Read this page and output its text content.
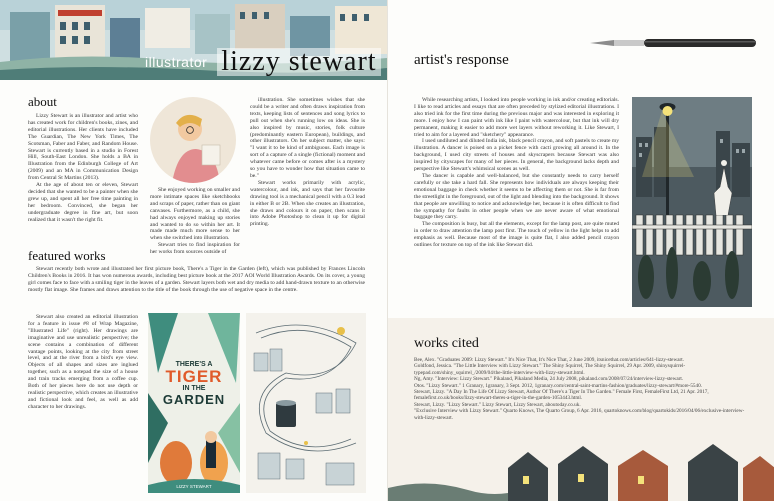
illustrator lizzy stewart
about

Lizzy Stewart is an illustrator and artist who has created work for children's books, zines, and editorial illustrations. Her clients have included The Guardian, The New York Times, The Scotsman, Faber and Faber, and Random House. Stewart is currently based in a studio in Forest Hill, South-East London. She holds a BA in Illustration from the Edinburgh College of Art (2009) and an MA in Communication Design from Central St Martins (2013).

At the age of about ten or eleven, Stewart decided that she wanted to be a painter when she grew up, and spent all her free time painting in her bedroom. Convinced, she began her undergraduate degree in fine art, but soon realized that it wasn't the right fit.

She enjoyed working on smaller and more intimate spaces like sketchbooks and scraps of paper, rather than on giant canvases. Furthermore, as a child, she had always enjoyed making up stories and wanted to do so within her art. It made made much more sense to her when she switched into illustration.

Stewart tries to find inspiration for her works from sources outside of

illustration. She sometimes wishes that she could be a writer and often draws inspiration from texts, keeping lists of sentences and song lyrics to pull out when she's running low on ideas. She is also inspired by music, stories, folk culture (predominantly eastern European), buildings, and other illustrators. On her subject matter, she says: "I want it to be kind of ambiguous. Each image is sort of a capture of a single (fictional) moment and whatever came before or comes after is a mystery so you have to wonder how that situation came to be."

Stewart works primarily with acrylic, watercolour, and ink, and says that her favourite drawing tool is a mechanical pencil with a 0.3 lead in either B or 2B. When she creates an illustration, she draws and colours it on paper, then scans it into Adobe Photoshop to clean it up for digital printing.

featured works

Stewart recently both wrote and illustrated her first picture book, There's a Tiger in the Garden (left), which was published by Frances Lincoln Children's Books in 2016. It has won numerous awards, including best picture book at the 2017 AOI World Illustration Awards. On its cover, a young girl comes face to face with a smiling tiger in the leaves of a garden. Stewart layers both wet and dry media to add hand-drawn texture to an otherwise mostly flat image. She frames and draws attention to the title of the book through the use of negative space in the centre.

Stewart also created an editorial illustration for a feature in issue #8 of Wrap Magazine, "Illustrated Life" (right). Her drawings are imaginative and use unrealistic perspective; the scene contains a combination of different vantage points, looking at the city from street level, and at the river from a bird's eye view. Objects of all shapes and sizes are inglued together, such as a notepad the size of a house and train tracks emerging from a coffee cup. Both of her pieces here do not use depth or realistic perspective, which creates an illustrative and fictional look and feel, as well as add character to her drawings.

THERE'S A
TIGER
IN THE
GARDEN
LIZZY STEWART
artist's response

While researching artists, I looked into people working in ink and/or creating editorials. I like to read articles and essays that are often preceded by stylized editorial illustrations. I also tried ink for the first time during the previous major and was interested in exploring it more. I enjoy how I can paint with ink like I paint with watercolour, but that ink will dry permanent, making it easier to add more wet layers without reworking it. Like Stewart, I tried to aim for a layered and "sketchery" appearance.

I used undiluted and diluted India ink, black pencil crayon, and soft pastels to create my illustration. A dancer is poised on a picket fence with cacti growing all around it. In the background, I used city streets of houses and skyscrapers because Stewart was also inspired by cityscapes for many of her pieces. In general, the background lacks depth and perspective like Stewart's whimsical scenes as well.

The dancer is capable and well-balanced, but she constantly needs to carry herself carefully or she take a hard fall. She represents how individuals are always keeping their emotional baggage in check whether it seems to be affecting them or not. She is far from the streetlight in the foreground, out of the light and blending into the background. It shows that people are unwilling to notice and acknowledge her, because it is often difficult to find the sympathy for faults in other people when we are never aware of what emotional baggage they carry.

The composition is busy, but all the elements, except for the lamp post, are quite muted in order to draw attention the lamp post first. The touch of yellow in the light helps to add emphasis as well. Because most of the image is quite flat, I also added pencil crayon outlines for texture on top of the ink like Stewart did.

works cited
Bee, Alex. "Graduates 2009: Lizzy Stewart." It's Nice That, It's Nice That, 2 June 2009, itsnicethat.com/articles/641-lizzy-stewart.
Goldfond, Jessica. "The Little Interview with Lizzy Stewart." The Shiny Squirrel, The Shiny Squirrel, 29 Apr. 2009, shinysquirrel-typepad.com/shiny_squirrel_/2009/04/the-little-interview-with-lizzy-stewart.html.
Ng, Amy. "Interview: Lizzy Stewart." Pikaland, Pikaland Media, 24 July 2008, pikaland.com/2008/07/24/interview-lizzy-stewart.
Otos. "Lizzy Stewart." 1 Granary, 1granary, 3 Sept. 2012, 1granary.com/central-saint-martins-fashion/graduates/lizzy-stewart/#more-5540.
Stewart, Lizzy. "A Day In The Life Of Lizzy Stewart, Author Of There's a Tiger In The Garden." Female First, FemaleFirst Ltd, 21 Apr. 2017, femalefirst.co.uk/books/lizzy-stewart-theres-a-tiger-in-the-garden-1053443.html.
Stewart, Lizzy. "Lizzy Stewart." Lizzy Stewart, Lizzy Stewart, aboutoday.co.uk.
"Exclusive Interview with Lizzy Stewart." Quarto Knows, The Quarto Group, 6 Apr. 2016, quartoknows.com/blog/quartokids/2016/04/06/exclusive-interview-with-lizzy-stewart.
